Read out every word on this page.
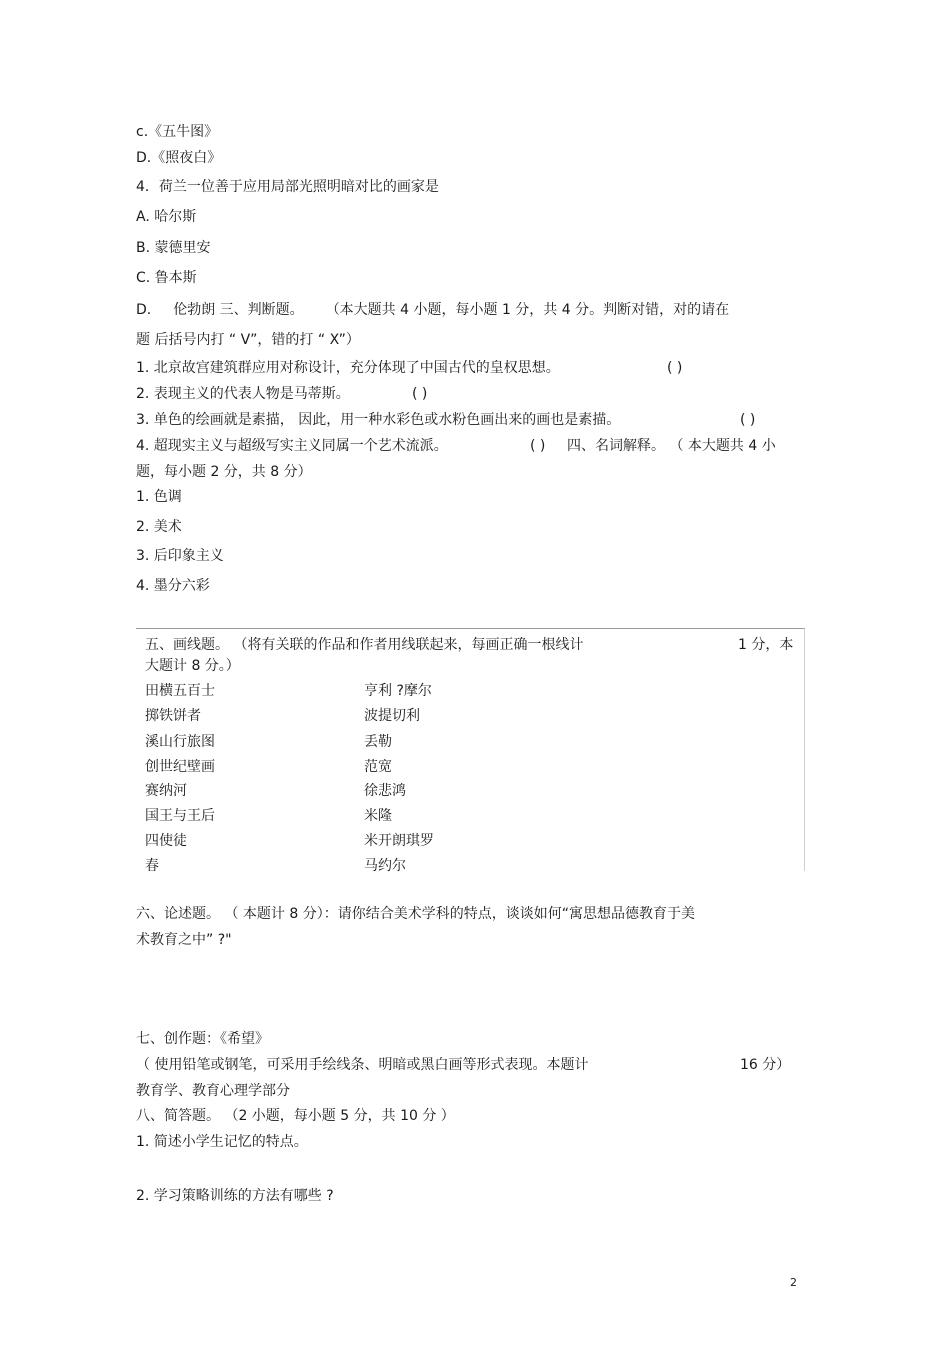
c.《五牛图》
D.《照夜白》
4．荷兰一位善于应用局部光照明暗对比的画家是
A. 哈尔斯
B. 蒙德里安
C. 鲁本斯
D. 伦勃朗 三、判断题。 （本大题共 4 小题，每小题 1 分，共 4 分。判断对错，对的请在
题 后括号内打 “ V”，错的打 “ X”）
1. 北京故宫建筑群应用对称设计，充分体现了中国古代的皇权思想。	( )
2. 表现主义的代表人物是马蒂斯。	( )
3. 单色的绘画就是素描， 因此，用一种水彩色或水粉色画出来的画也是素描。	( )
4. 超现实主义与超级写实主义同属一个艺术流派。	( ) 四、名词解释。 （ 本大题共 4 小
题，每小题 2 分，共 8 分）
1. 色调
2. 美术
3. 后印象主义
4. 墨分六彩
五、画线题。 （将有关联的作品和作者用线联起来，每画正确一根线计	1 分，本
大题计 8 分。）
田横五百士	亨利 ?摩尔
掷铁饼者	波提切利
溪山行旅图	丢勒
创世纪壁画	范宽
赛纳河	徐悲鸿
国王与王后	米隆
四使徒	米开朗琪罗
春	马约尔
六、论述题。 （ 本题计 8 分）：请你结合美术学科的特点，谈谈如何“寓思想品德教育于美
术教育之中” ?"
七、创作题：《希望》
（ 使用铅笔或钢笔，可采用手绘线条、明暗或黑白画等形式表现。本题计	16 分）
教育学、教育心理学部分
八、简答题。 （2 小题，每小题 5 分，共 10 分 ）
1. 简述小学生记忆的特点。
2. 学习策略训练的方法有哪些 ?
2
